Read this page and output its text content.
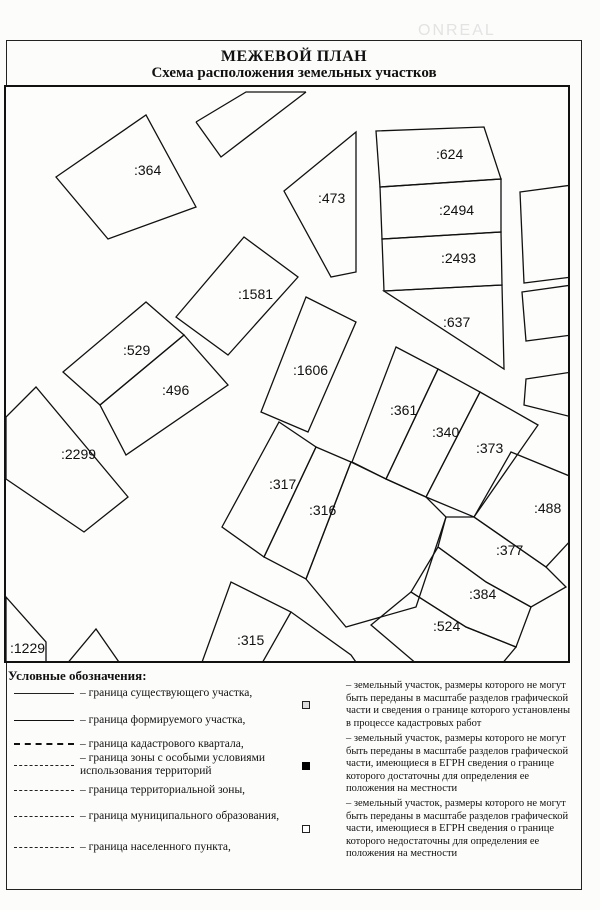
ONREAL
МЕЖЕВОЙ ПЛАН
Схема расположения земельных участков
:364
:473
:624
:2494
:2493
:637
:1581
:529
:496
:1606
:361
:340
:373
:2299
:317
:316	:488
:377
:384
:524
:1229	:315
Условные обозначения:
– граница существующего участка,
– граница формируемого участка,
– граница кадастрового квартала,
– граница зоны с особыми условиями использования территорий
– граница территориальной зоны,
– граница муниципального образования,
– граница населенного пункта,
– земельный участок, размеры которого не могут быть переданы в масштабе разделов графической части и сведения о границе которого установлены в процессе кадастровых работ
– земельный участок, размеры которого не могут быть переданы в масштабе разделов графической части, имеющиеся в ЕГРН сведения о границе которого достаточны для определения ее положения на местности
– земельный участок, размеры которого не могут быть переданы в масштабе разделов графической части, имеющиеся в ЕГРН сведения о границе которого недостаточны для определения ее положения на местности
